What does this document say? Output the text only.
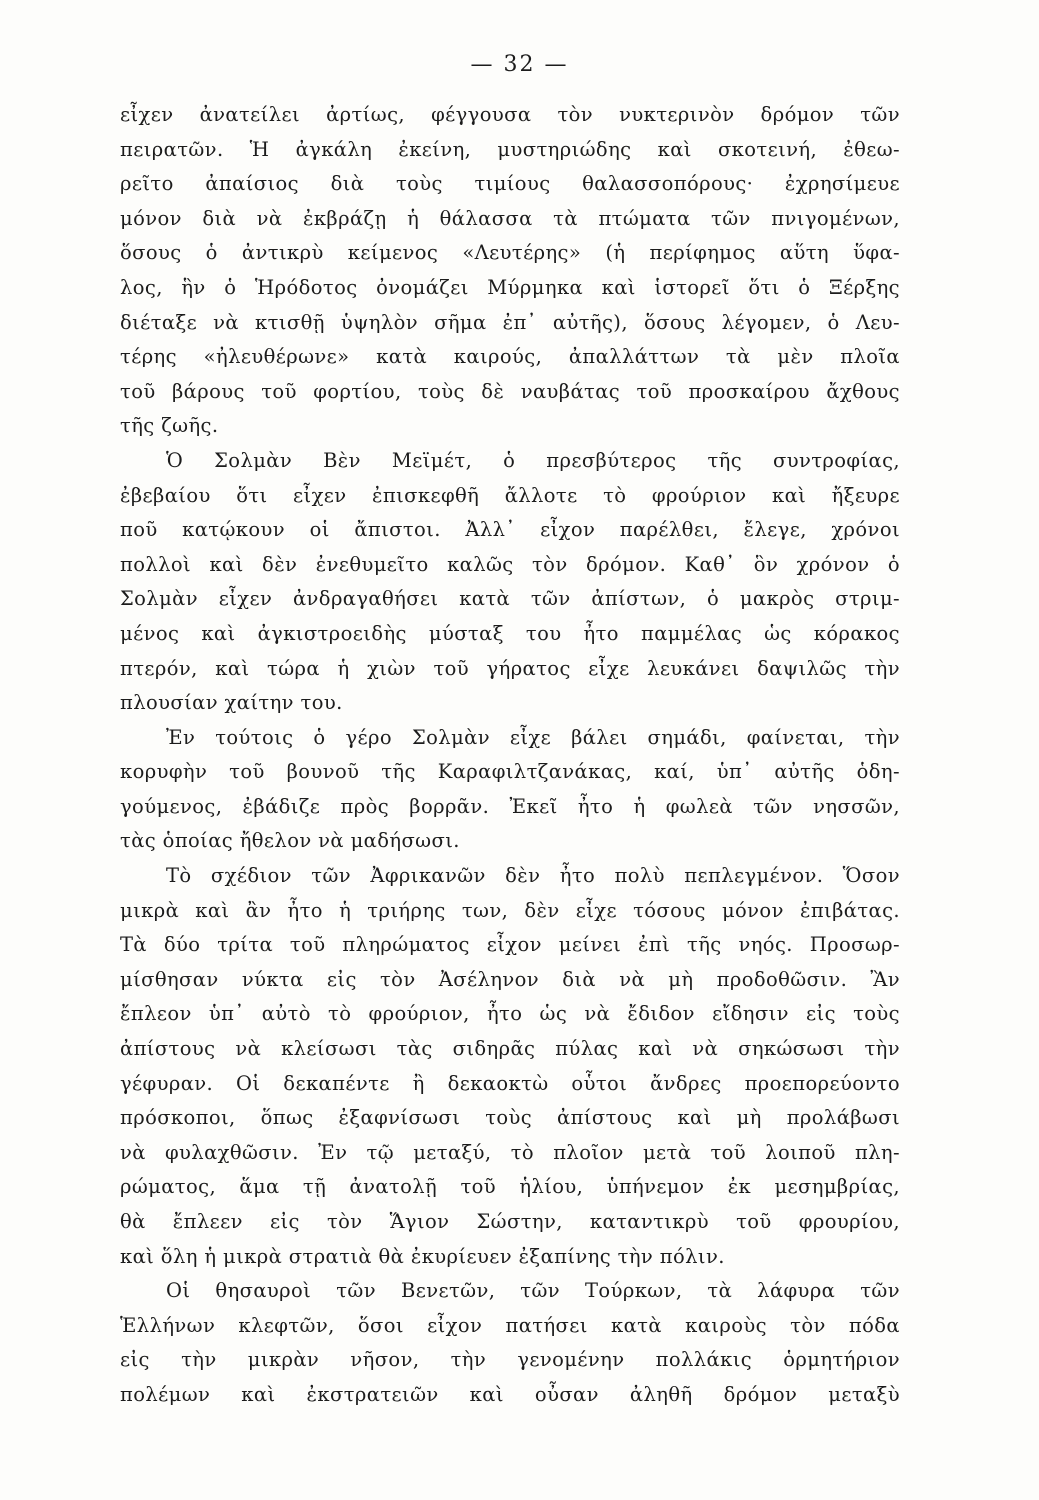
— 32 —
εἶχεν ἀνατείλει ἀρτίως, φέγγουσα τὸν νυκτερινὸν δρόμον τῶν
πειρατῶν. Ἡ ἀγκάλη ἐκείνη, μυστηριώδης καὶ σκοτεινή, ἐθεω-
ρεῖτο ἀπαίσιος διὰ τοὺς τιμίους θαλασσοπόρους· ἐχρησίμευε
μόνον διὰ νὰ ἐκβράζῃ ἡ θάλασσα τὰ πτώματα τῶν πνιγομένων,
ὅσους ὁ ἀντικρὺ κείμενος «Λευτέρης» (ἡ περίφημος αὕτη ὕφα-
λος, ἣν ὁ Ἡρόδοτος ὀνομάζει Μύρμηκα καὶ ἱστορεῖ ὅτι ὁ Ξέρξης
διέταξε νὰ κτισθῇ ὑψηλὸν σῆμα ἐπ᾽ αὐτῆς), ὅσους λέγομεν, ὁ Λευ-
τέρης «ἠλευθέρωνε» κατὰ καιρούς, ἀπαλλάττων τὰ μὲν πλοῖα
τοῦ βάρους τοῦ φορτίου, τοὺς δὲ ναυβάτας τοῦ προσκαίρου ἄχθους
τῆς ζωῆς.
Ὁ Σολμὰν Βὲν Μεϊμέτ, ὁ πρεσβύτερος τῆς συντροφίας,
ἐβεβαίου ὅτι εἶχεν ἐπισκεφθῆ ἄλλοτε τὸ φρούριον καὶ ἤξευρε
ποῦ κατῴκουν οἱ ἄπιστοι. Ἀλλ᾽ εἶχον παρέλθει, ἔλεγε, χρόνοι
πολλοὶ καὶ δὲν ἐνεθυμεῖτο καλῶς τὸν δρόμον. Καθ᾽ ὃν χρόνον ὁ
Σολμὰν εἶχεν ἀνδραγαθήσει κατὰ τῶν ἀπίστων, ὁ μακρὸς στριμ-
μένος καὶ ἀγκιστροειδὴς μύσταξ του ἦτο παμμέλας ὡς κόρακος
πτερόν, καὶ τώρα ἡ χιὼν τοῦ γήρατος εἶχε λευκάνει δαψιλῶς τὴν
πλουσίαν χαίτην του.
Ἐν τούτοις ὁ γέρο Σολμὰν εἶχε βάλει σημάδι, φαίνεται, τὴν
κορυφὴν τοῦ βουνοῦ τῆς Καραφιλτζανάκας, καί, ὑπ᾽ αὐτῆς ὁδη-
γούμενος, ἐβάδιζε πρὸς βορρᾶν. Ἐκεῖ ἦτο ἡ φωλεὰ τῶν νησσῶν,
τὰς ὁποίας ἤθελον νὰ μαδήσωσι.
Τὸ σχέδιον τῶν Ἀφρικανῶν δὲν ἦτο πολὺ πεπλεγμένον. Ὅσον
μικρὰ καὶ ἂν ἦτο ἡ τριήρης των, δὲν εἶχε τόσους μόνον ἐπιβάτας.
Τὰ δύο τρίτα τοῦ πληρώματος εἶχον μείνει ἐπὶ τῆς νηός. Προσωρ-
μίσθησαν νύκτα εἰς τὸν Ἀσέληνον διὰ νὰ μὴ προδοθῶσιν. Ἂν
ἔπλεον ὑπ᾽ αὐτὸ τὸ φρούριον, ἦτο ὡς νὰ ἔδιδον εἴδησιν εἰς τοὺς
ἀπίστους νὰ κλείσωσι τὰς σιδηρᾶς πύλας καὶ νὰ σηκώσωσι τὴν
γέφυραν. Οἱ δεκαπέντε ἢ δεκαοκτὼ οὗτοι ἄνδρες προεπορεύοντο
πρόσκοποι, ὅπως ἐξαφνίσωσι τοὺς ἀπίστους καὶ μὴ προλάβωσι
νὰ φυλαχθῶσιν. Ἐν τῷ μεταξύ, τὸ πλοῖον μετὰ τοῦ λοιποῦ πλη-
ρώματος, ἅμα τῇ ἀνατολῇ τοῦ ἡλίου, ὑπήνεμον ἐκ μεσημβρίας,
θὰ ἔπλεεν εἰς τὸν Ἅγιον Σώστην, καταντικρὺ τοῦ φρουρίου,
καὶ ὅλη ἡ μικρὰ στρατιὰ θὰ ἐκυρίευεν ἐξαπίνης τὴν πόλιν.
Οἱ θησαυροὶ τῶν Βενετῶν, τῶν Τούρκων, τὰ λάφυρα τῶν
Ἑλλήνων κλεφτῶν, ὅσοι εἶχον πατήσει κατὰ καιροὺς τὸν πόδα
εἰς τὴν μικρὰν νῆσον, τὴν γενομένην πολλάκις ὁρμητήριον
πολέμων καὶ ἐκστρατειῶν καὶ οὖσαν ἀληθῆ δρόμον μεταξὺ
